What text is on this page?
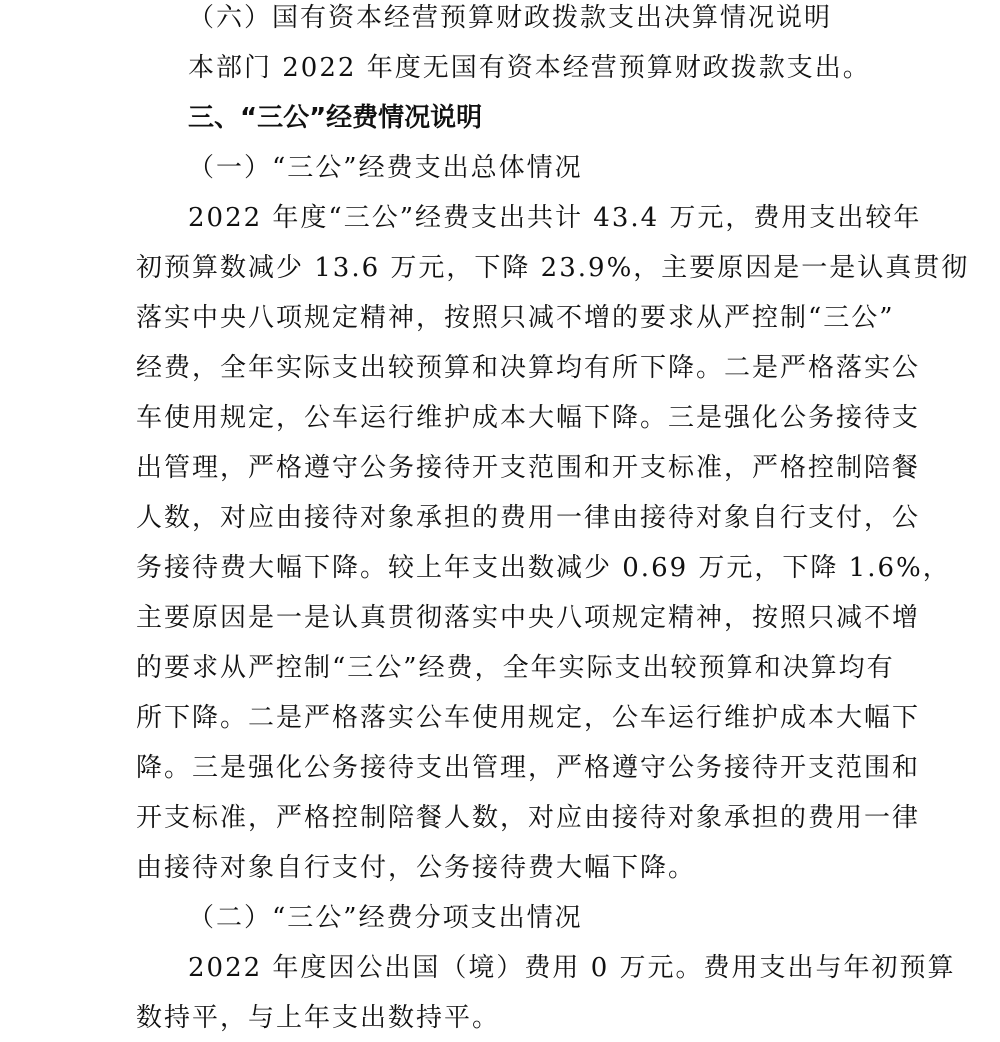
（六）国有资本经营预算财政拨款支出决算情况说明
本部门 2022 年度无国有资本经营预算财政拨款支出。
三、“三公”经费情况说明
（一）“三公”经费支出总体情况
2022 年度“三公”经费支出共计 43.4 万元，费用支出较年
初预算数减少 13.6 万元，下降 23.9%，主要原因是一是认真贯彻
落实中央八项规定精神，按照只减不增的要求从严控制“三公”
经费，全年实际支出较预算和决算均有所下降。二是严格落实公
车使用规定，公车运行维护成本大幅下降。三是强化公务接待支
出管理，严格遵守公务接待开支范围和开支标准，严格控制陪餐
人数，对应由接待对象承担的费用一律由接待对象自行支付，公
务接待费大幅下降。较上年支出数减少 0.69 万元，下降 1.6%，
主要原因是一是认真贯彻落实中央八项规定精神，按照只减不增
的要求从严控制“三公”经费，全年实际支出较预算和决算均有
所下降。二是严格落实公车使用规定，公车运行维护成本大幅下
降。三是强化公务接待支出管理，严格遵守公务接待开支范围和
开支标准，严格控制陪餐人数，对应由接待对象承担的费用一律
由接待对象自行支付，公务接待费大幅下降。
（二）“三公”经费分项支出情况
2022 年度因公出国（境）费用 0 万元。费用支出与年初预算
数持平，与上年支出数持平。
